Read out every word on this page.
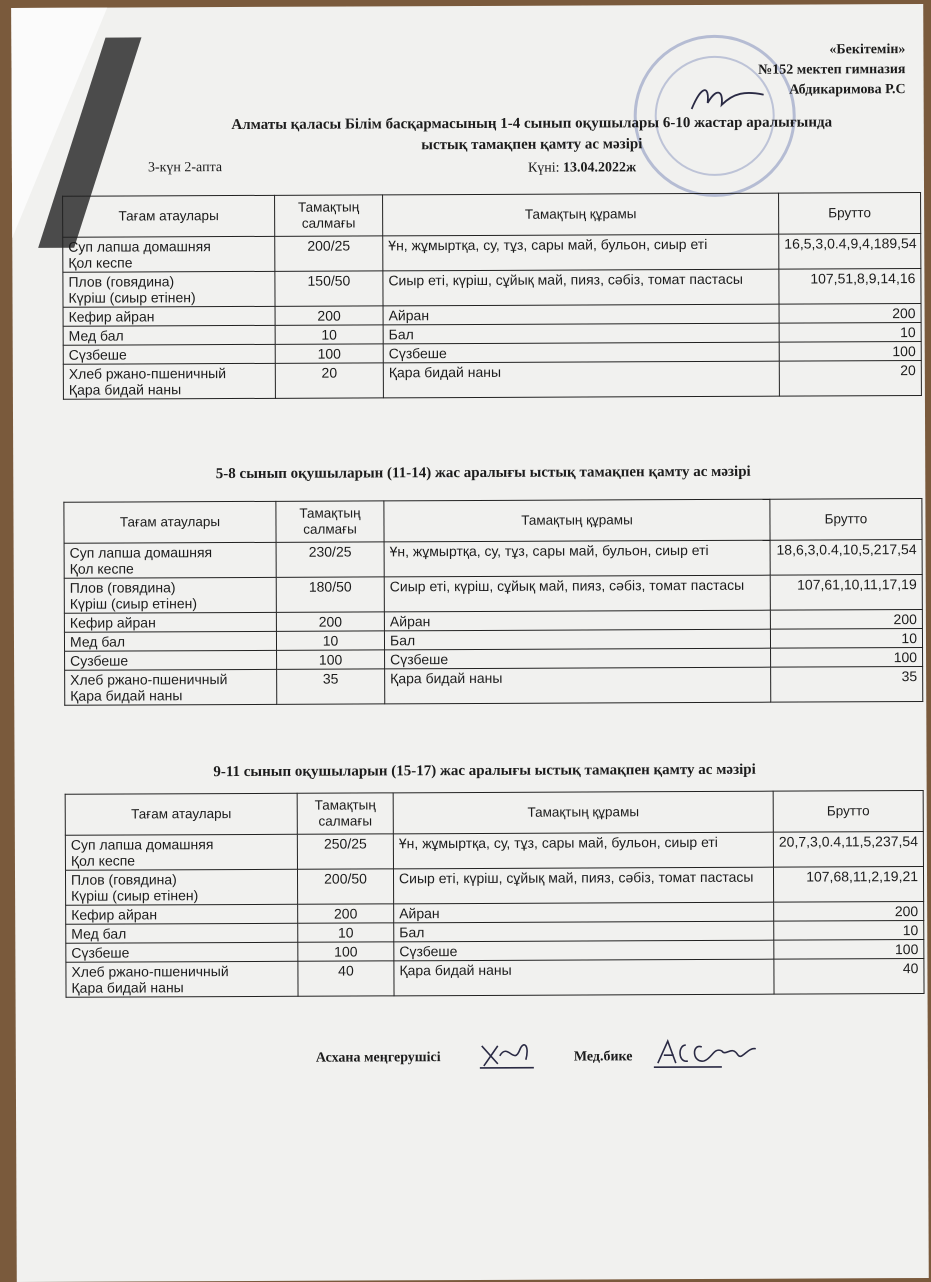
«Бекітемін»
№152 мектеп гимназия
Абдикаримова Р.С
Алматы қаласы Білім басқармасының 1-4 сынып оқушылары 6-10 жастар аралығында
ыстық тамақпен қамту ас мәзірі
3-күн 2-апта	Күні: 13.04.2022ж
Тағам атаулары	Тамақтың салмағы	Тамақтың құрамы	Брутто

Суп лапша домашняя
Қол кеспе	200/25	Ұн, жұмыртқа, су, тұз, сары май, бульон, сиыр еті	16,5,3,0.4,9,4,189,54

Плов (говядина)
Күріш (сиыр етінен)	150/50	Сиыр еті, күріш, сұйық май, пияз, сәбіз, томат пастасы	107,51,8,9,14,16
Кефир айран	200	Айран	200
Мед бал	10	Бал	10
Сүзбеше	100	Сүзбеше	100

Хлеб ржано-пшеничный
Қара бидай наны	20	Қара бидай наны	20
5-8 сынып оқушыларын (11-14) жас аралығы ыстық тамақпен қамту ас мәзірі
Тағам атаулары	Тамақтың салмағы	Тамақтың құрамы	Брутто

Суп лапша домашняя
Қол кеспе	230/25	Ұн, жұмыртқа, су, тұз, сары май, бульон, сиыр еті	18,6,3,0.4,10,5,217,54

Плов (говядина)
Күріш (сиыр етінен)	180/50	Сиыр еті, күріш, сұйық май, пияз, сәбіз, томат пастасы	107,61,10,11,17,19
Кефир айран	200	Айран	200
Мед бал	10	Бал	10
Сузбеше	100	Сүзбеше	100

Хлеб ржано-пшеничный
Қара бидай наны	35	Қара бидай наны	35
9-11 сынып оқушыларын (15-17) жас аралығы ыстық тамақпен қамту ас мәзірі
Тағам атаулары	Тамақтың салмағы	Тамақтың құрамы	Брутто

Суп лапша домашняя
Қол кеспе	250/25	Ұн, жұмыртқа, су, тұз, сары май, бульон, сиыр еті	20,7,3,0.4,11,5,237,54

Плов (говядина)
Күріш (сиыр етінен)	200/50	Сиыр еті, күріш, сұйық май, пияз, сәбіз, томат пастасы	107,68,11,2,19,21
Кефир айран	200	Айран	200
Мед бал	10	Бал	10
Сүзбеше	100	Сүзбеше	100

Хлеб ржано-пшеничный
Қара бидай наны	40	Қара бидай наны	40
Асхана меңгерушісі	Мед.бике
